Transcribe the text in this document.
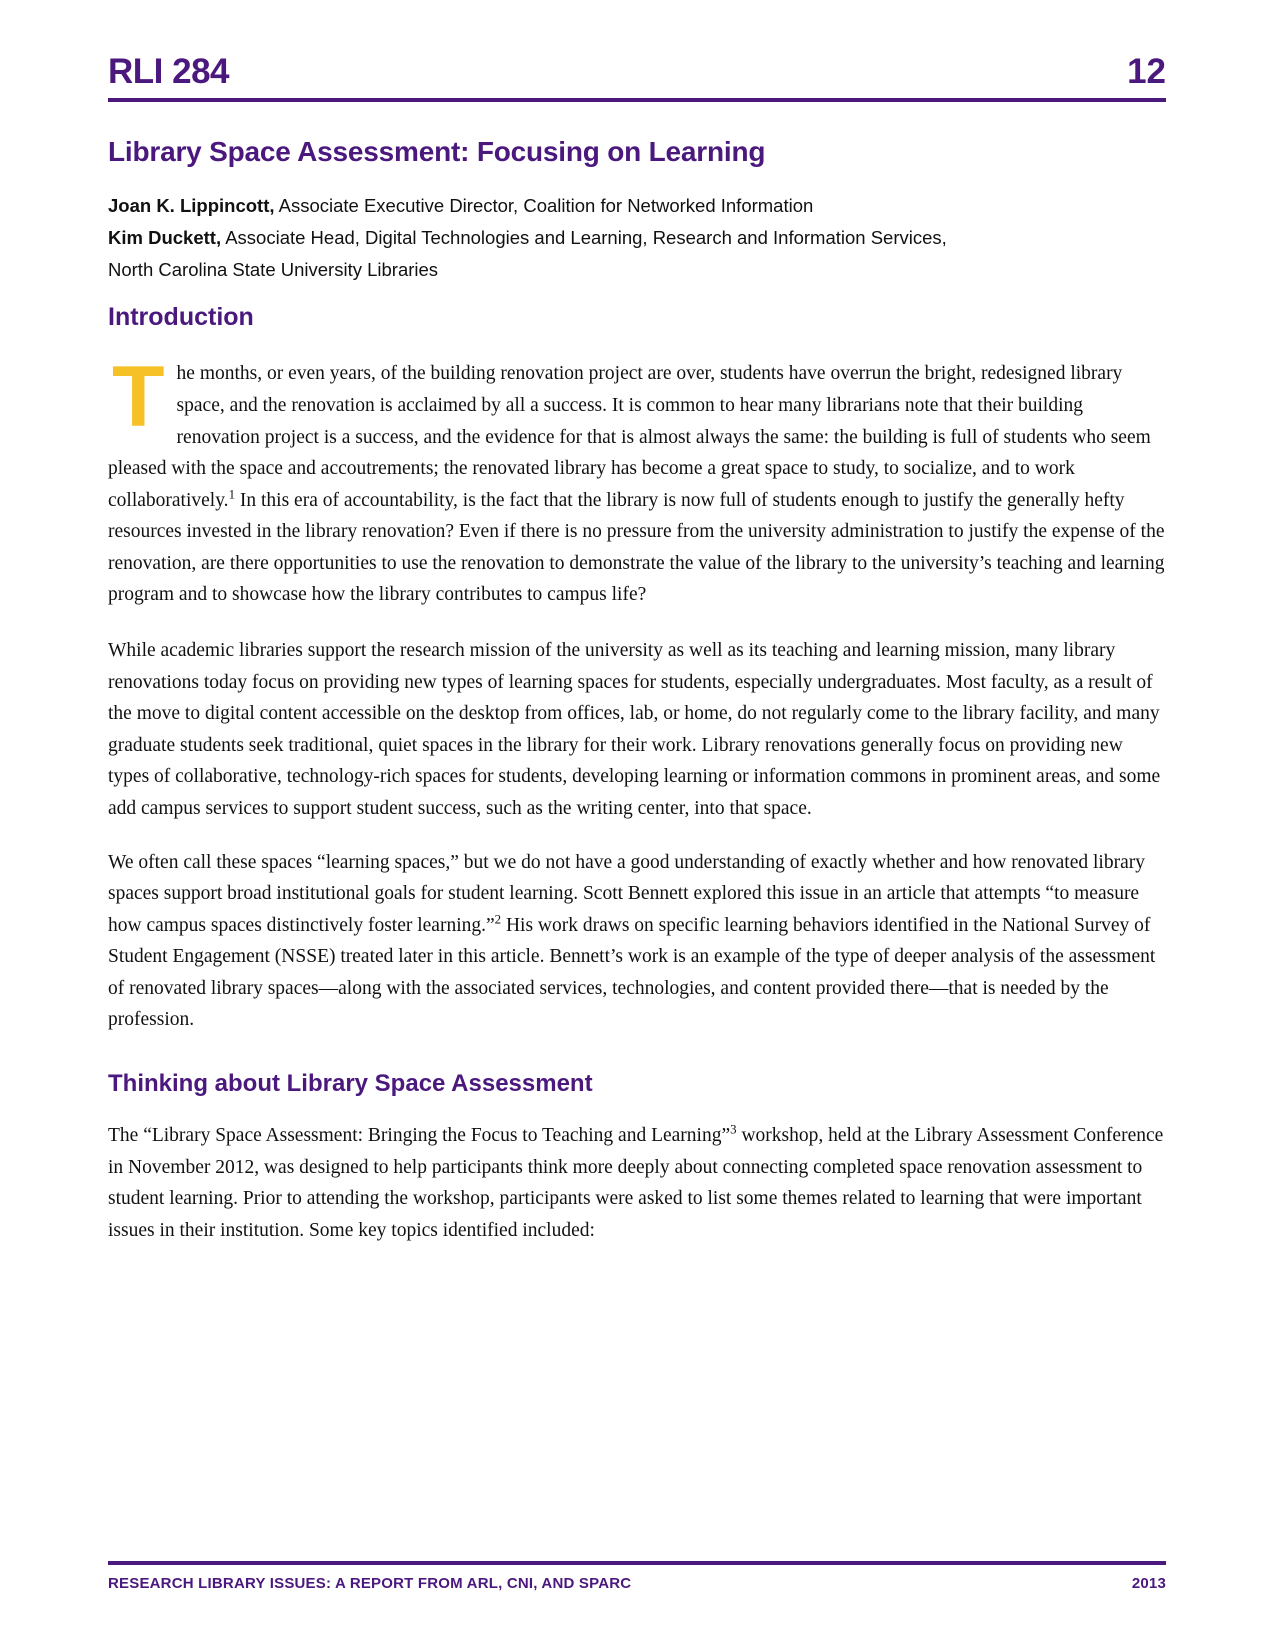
RLI 284	12
Library Space Assessment: Focusing on Learning
Joan K. Lippincott, Associate Executive Director, Coalition for Networked Information
Kim Duckett, Associate Head, Digital Technologies and Learning, Research and Information Services,
North Carolina State University Libraries
Introduction

The months, or even years, of the building renovation project are over, students have overrun the bright, redesigned library space, and the renovation is acclaimed by all a success. It is common to hear many librarians note that their building renovation project is a success, and the evidence for that is almost always the same: the building is full of students who seem pleased with the space and accoutrements; the renovated library has become a great space to study, to socialize, and to work collaboratively.$^1$ In this era of accountability, is the fact that the library is now full of students enough to justify the generally hefty resources invested in the library renovation? Even if there is no pressure from the university administration to justify the expense of the renovation, are there opportunities to use the renovation to demonstrate the value of the library to the university’s teaching and learning program and to showcase how the library contributes to campus life?

While academic libraries support the research mission of the university as well as its teaching and learning mission, many library renovations today focus on providing new types of learning spaces for students, especially undergraduates. Most faculty, as a result of the move to digital content accessible on the desktop from offices, lab, or home, do not regularly come to the library facility, and many graduate students seek traditional, quiet spaces in the library for their work. Library renovations generally focus on providing new types of collaborative, technology-rich spaces for students, developing learning or information commons in prominent areas, and some add campus services to support student success, such as the writing center, into that space.

We often call these spaces “learning spaces,” but we do not have a good understanding of exactly whether and how renovated library spaces support broad institutional goals for student learning. Scott Bennett explored this issue in an article that attempts “to measure how campus spaces distinctively foster learning.”$^2$ His work draws on specific learning behaviors identified in the National Survey of Student Engagement (NSSE) treated later in this article. Bennett’s work is an example of the type of deeper analysis of the assessment of renovated library spaces—along with the associated services, technologies, and content provided there—that is needed by the profession.

Thinking about Library Space Assessment

The “Library Space Assessment: Bringing the Focus to Teaching and Learning”$^3$ workshop, held at the Library Assessment Conference in November 2012, was designed to help participants think more deeply about connecting completed space renovation assessment to student learning. Prior to attending the workshop, participants were asked to list some themes related to learning that were important issues in their institution. Some key topics identified included:

RESEARCH LIBRARY ISSUES: A REPORT FROM ARL, CNI, AND SPARC	2013
